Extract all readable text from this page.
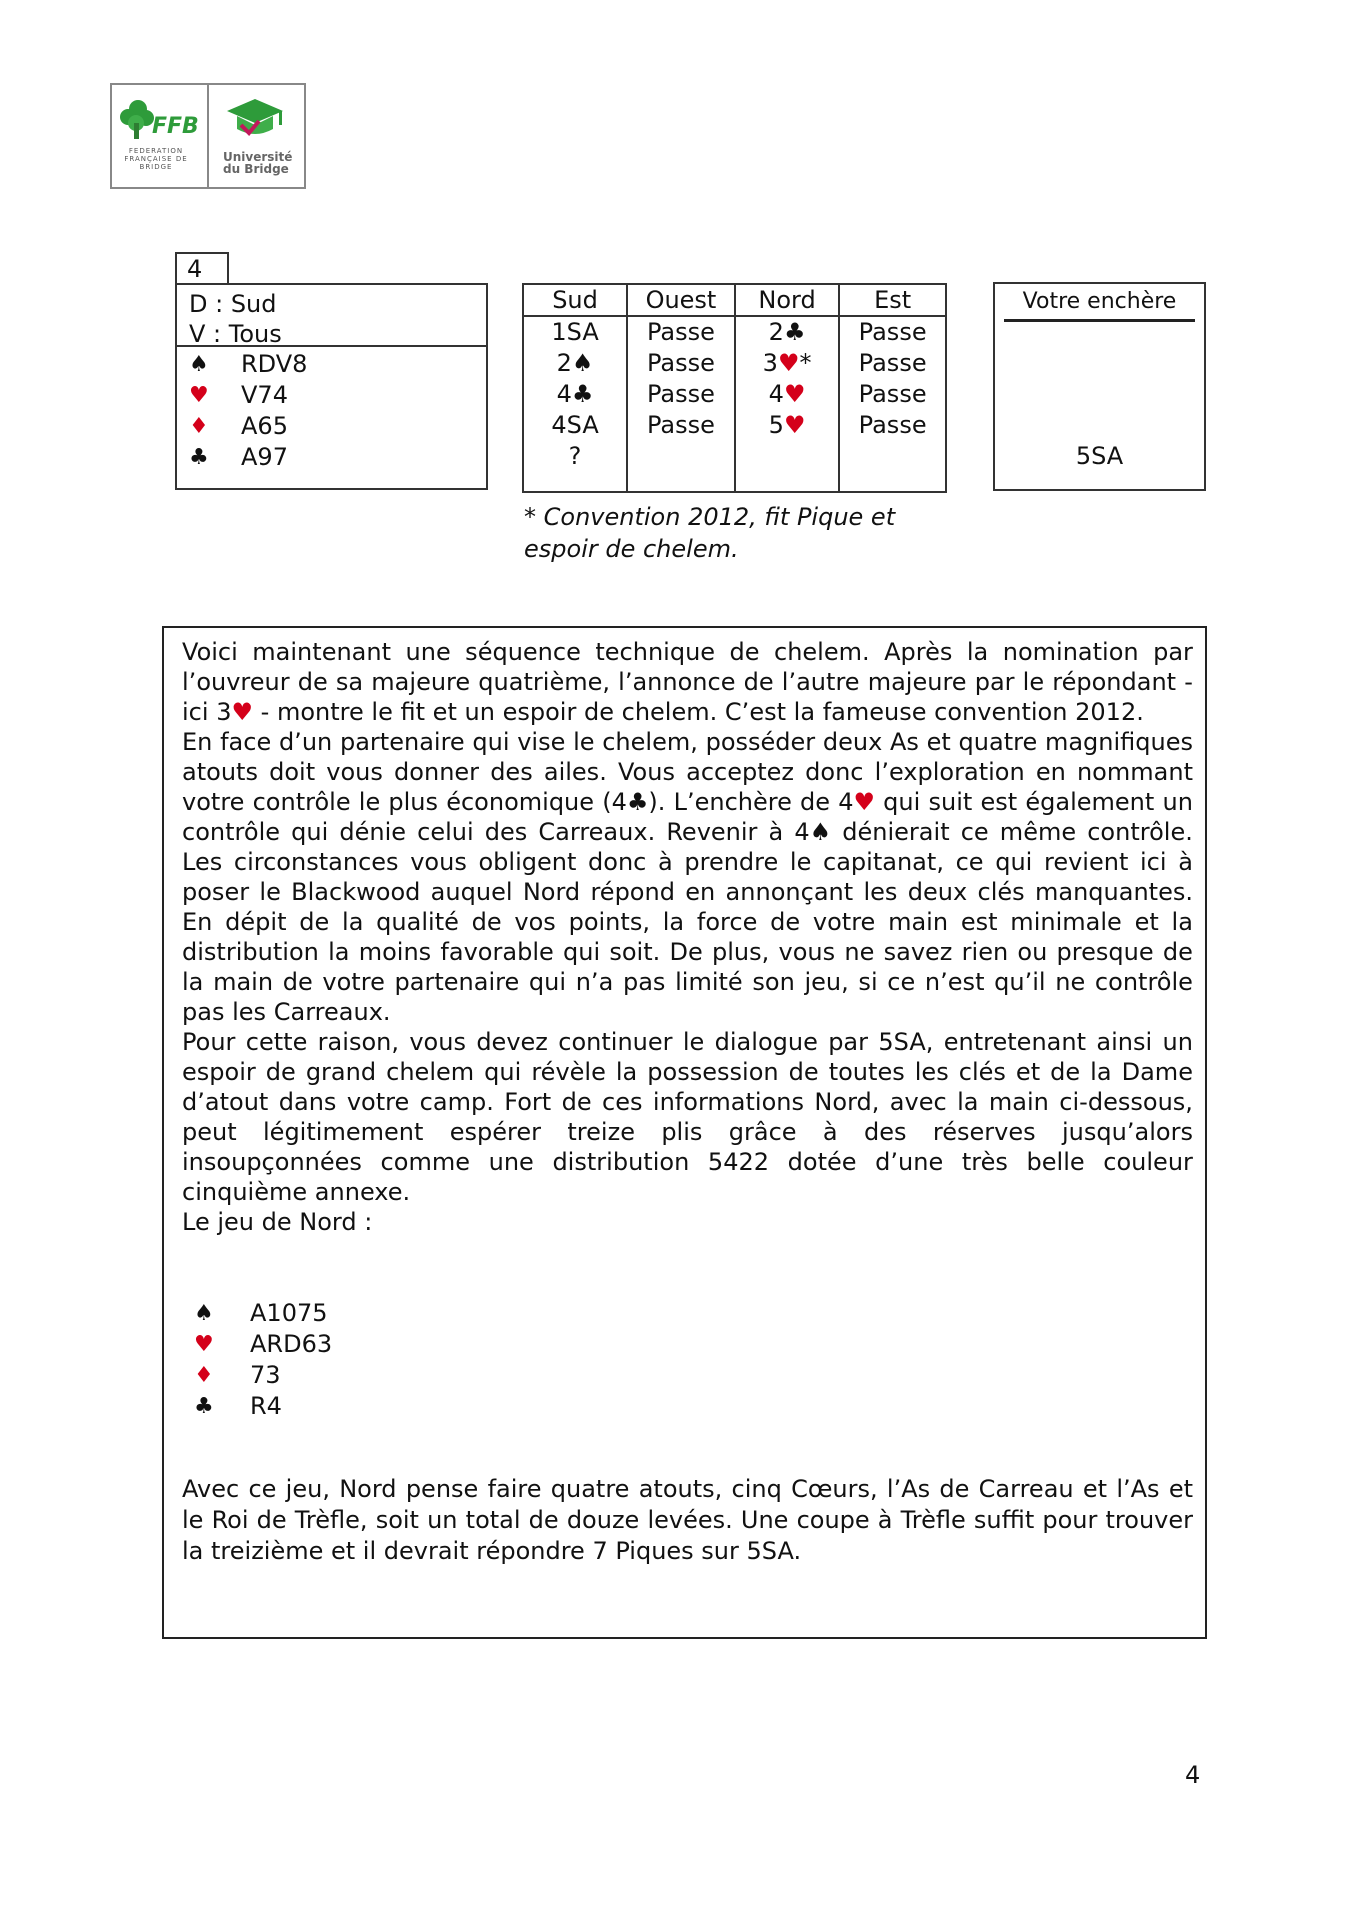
FFB
FEDERATION FRANÇAISE DE BRIDGE
Université
du Bridge
4
D : Sud
V : Tous
♠	RDV8
♥	V74
♦	A65
♣	A97
Sud	Ouest	Nord	Est
1SA	Passe	2♣	Passe
2♠	Passe	3♥*	Passe
4♣	Passe	4♥	Passe
4SA	Passe	5♥	Passe
?			
* Convention 2012, fit Pique et espoir de chelem.
Votre enchère
5SA

Voici maintenant une séquence technique de chelem. Après la nomination par l’ouvreur de sa majeure quatrième, l’annonce de l’autre majeure par le répondant - ici 3♥ - montre le ft et un espoir de chelem. C’est la fameuse convention 2012.

En face d’un partenaire qui vise le chelem, posséder deux As et quatre magnifques atouts doit vous donner des ailes. Vous acceptez donc l’exploration en nommant votre contrôle le plus économique (4♣). L’enchère de 4♥ qui suit est également un contrôle qui dénie celui des Carreaux. Revenir à 4♠ dénierait ce même contrôle. Les circonstances vous obligent donc à prendre le capitanat, ce qui revient ici à poser le Blackwood auquel Nord répond en annonçant les deux clés manquantes. En dépit de la qualité de vos points, la force de votre main est minimale et la distribution la moins favorable qui soit. De plus, vous ne savez rien ou presque de la main de votre partenaire qui n’a pas limité son jeu, si ce n’est qu’il ne contrôle pas les Carreaux.

Pour cette raison, vous devez continuer le dialogue par 5SA, entretenant ainsi un espoir de grand chelem qui révèle la possession de toutes les clés et de la Dame d’atout dans votre camp. Fort de ces informations Nord, avec la main ci-dessous, peut légitimement espérer treize plis grâce à des réserves jusqu’alors insoupçonnées comme une distribution 5422 dotée d’une très belle couleur cinquième annexe.

Le jeu de Nord :

♠	A1075
♥	ARD63
♦	73
♣	R4
Avec ce jeu, Nord pense faire quatre atouts, cinq Cœurs, l’As de Carreau et l’As et le Roi de Trèfle, soit un total de douze levées. Une coupe à Trèfle suffit pour trouver la treizième et il devrait répondre 7 Piques sur 5SA.
4
